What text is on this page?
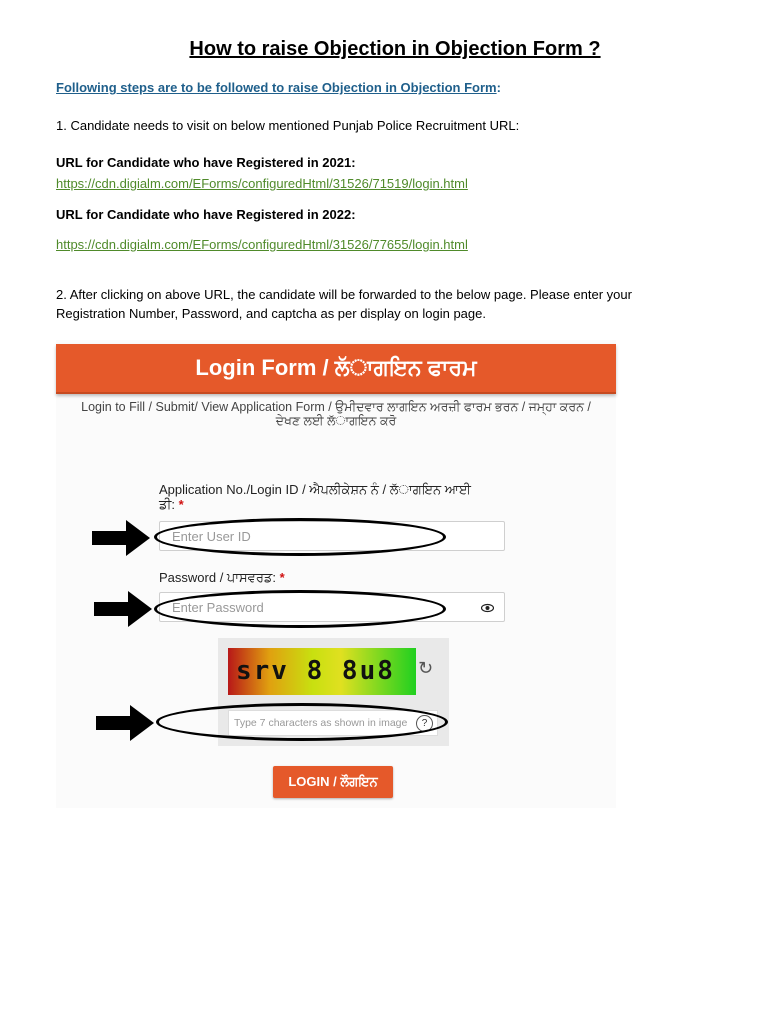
How to raise Objection in Objection Form ?
Following steps are to be followed to raise Objection in Objection Form:
1. Candidate needs to visit on below mentioned Punjab Police Recruitment URL:
URL for Candidate who have Registered in 2021:
https://cdn.digialm.com/EForms/configuredHtml/31526/71519/login.html
URL for Candidate who have Registered in 2022:
https://cdn.digialm.com/EForms/configuredHtml/31526/77655/login.html
2. After clicking on above URL, the candidate will be forwarded to the below page. Please enter your
Registration Number, Password, and captcha as per display on login page.
Login Form / ਲੱਾਗਇਨ ਫਾਰਮ
Login to Fill / Submit/ View Application Form / ਉਮੀਦਵਾਰ ਲਾਗਇਨ ਅਰਜ਼ੀ ਫਾਰਮ ਭਰਨ / ਜਮ੍ਹਾ ਕਰਨ /
ਦੇਖਣ ਲਈ ਲੱਾਗਇਨ ਕਰੋ
Application No./Login ID / ਐਪਲੀਕੇਸ਼ਨ ਨੰ / ਲੱਾਗਇਨ ਆਈ
ਡੀ: *
Enter User ID
Password / ਪਾਸਵਰਡ: *
Enter Password
srv 8 8u8	↻
Type 7 characters as shown in image	?
LOGIN / ਲੌਗਇਨ
